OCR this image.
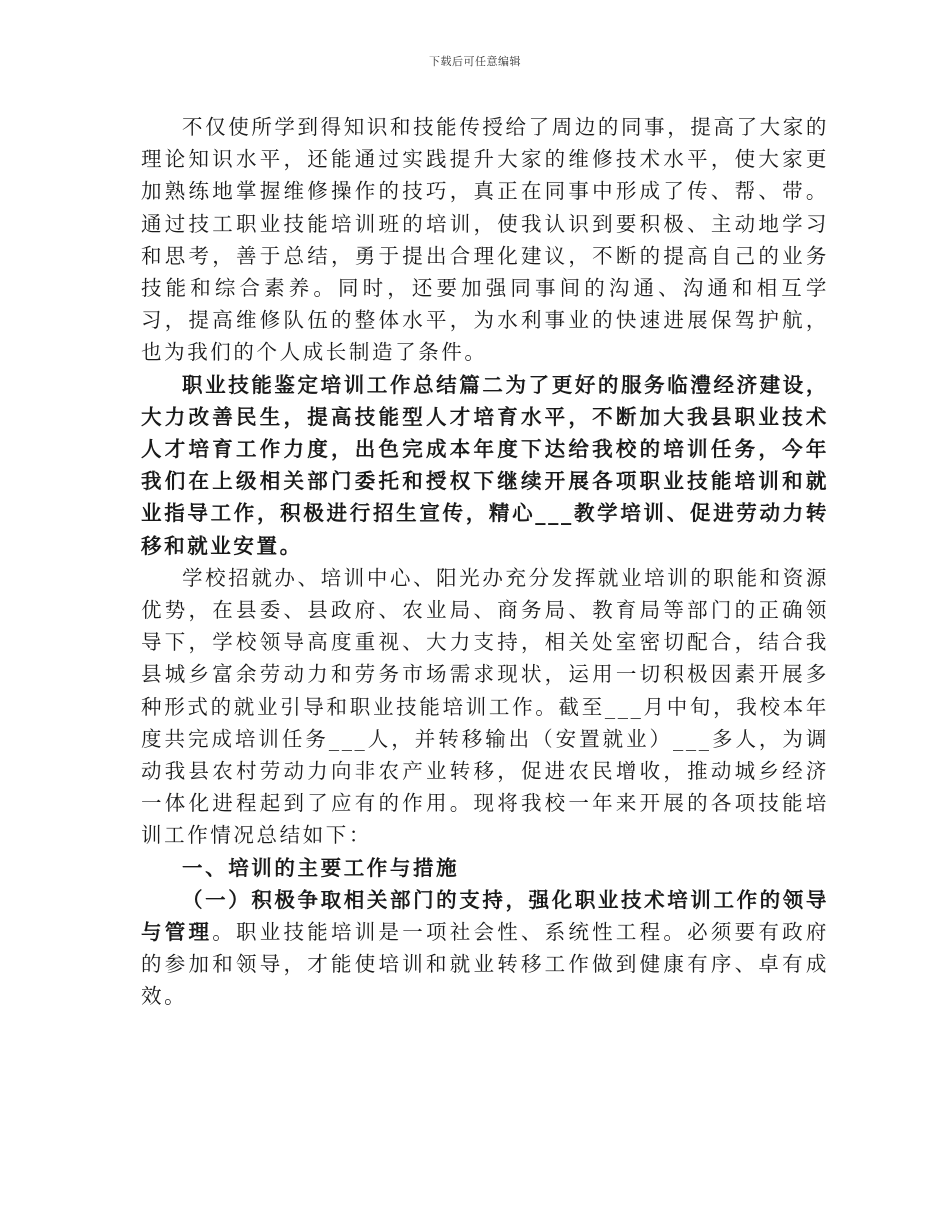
下载后可任意编辑

不仅使所学到得知识和技能传授给了周边的同事，提高了大家的理论知识水平，还能通过实践提升大家的维修技术水平，使大家更加熟练地掌握维修操作的技巧，真正在同事中形成了传、帮、带。通过技工职业技能培训班的培训，使我认识到要积极、主动地学习和思考，善于总结，勇于提出合理化建议，不断的提高自己的业务技能和综合素养。同时，还要加强同事间的沟通、沟通和相互学习，提高维修队伍的整体水平，为水利事业的快速进展保驾护航，也为我们的个人成长制造了条件。

职业技能鉴定培训工作总结篇二为了更好的服务临澧经济建设，大力改善民生，提高技能型人才培育水平，不断加大我县职业技术人才培育工作力度，出色完成本年度下达给我校的培训任务，今年我们在上级相关部门委托和授权下继续开展各项职业技能培训和就业指导工作，积极进行招生宣传，精心___教学培训、促进劳动力转移和就业安置。

学校招就办、培训中心、阳光办充分发挥就业培训的职能和资源优势，在县委、县政府、农业局、商务局、教育局等部门的正确领导下，学校领导高度重视、大力支持，相关处室密切配合，结合我县城乡富余劳动力和劳务市场需求现状，运用一切积极因素开展多种形式的就业引导和职业技能培训工作。截至___月中旬，我校本年度共完成培训任务___人，并转移输出（安置就业）___多人，为调动我县农村劳动力向非农产业转移，促进农民增收，推动城乡经济一体化进程起到了应有的作用。现将我校一年来开展的各项技能培训工作情况总结如下：

一、培训的主要工作与措施

（一）积极争取相关部门的支持，强化职业技术培训工作的领导与管理。职业技能培训是一项社会性、系统性工程。必须要有政府的参加和领导，才能使培训和就业转移工作做到健康有序、卓有成效。
